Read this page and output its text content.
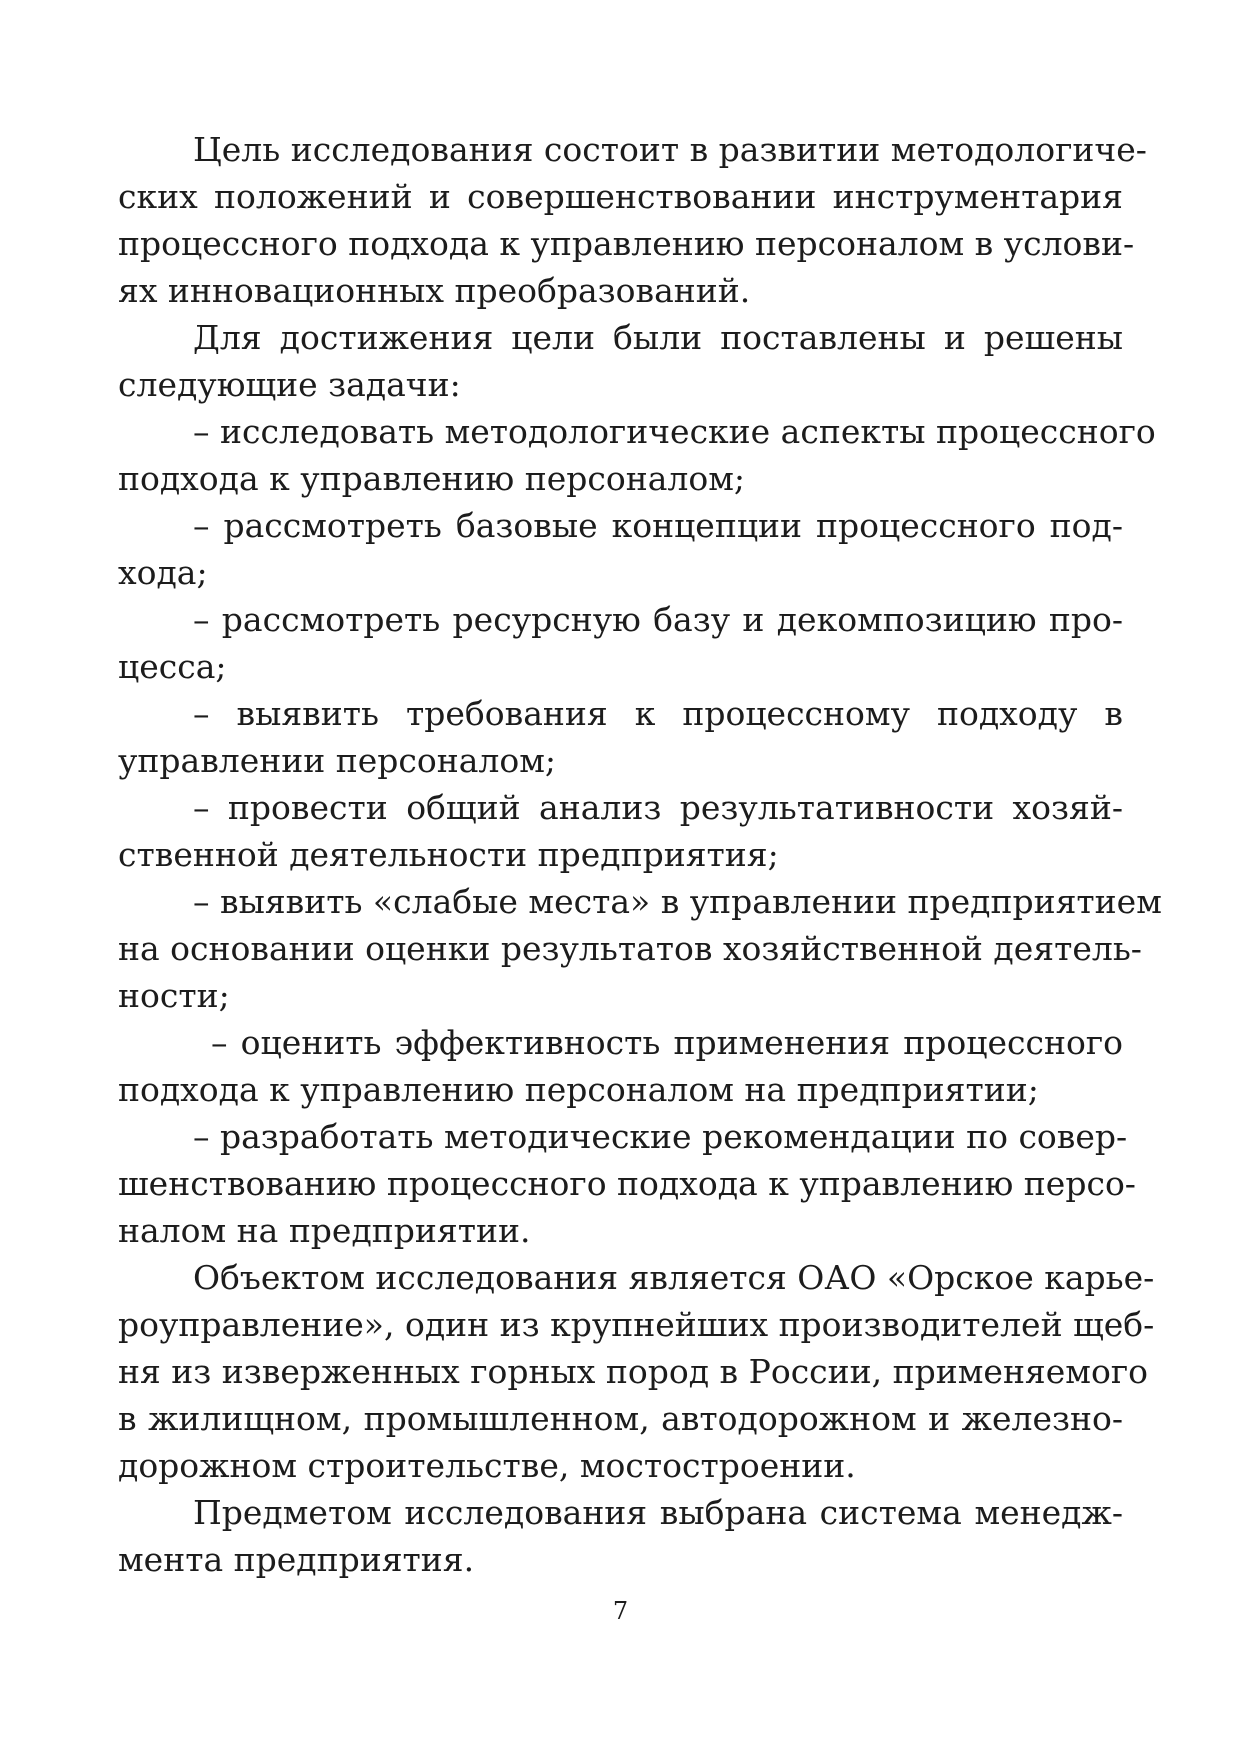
Цель исследования состоит в развитии методологиче-
ских положений и совершенствовании инструментария
процессного подхода к управлению персоналом в услови-
ях инновационных преобразований.
Для достижения цели были поставлены и решены
следующие задачи:
– исследовать методологические аспекты процессного
подхода к управлению персоналом;
– рассмотреть базовые концепции процессного под-
хода;
– рассмотреть ресурсную базу и декомпозицию про-
цесса;
– выявить требования к процессному подходу в
управлении персоналом;
– провести общий анализ результативности хозяй-
ственной деятельности предприятия;
– выявить «слабые места» в управлении предприятием
на основании оценки результатов хозяйственной деятель-
ности;
– оценить эффективность применения процессного
подхода к управлению персоналом на предприятии;
– разработать методические рекомендации по совер-
шенствованию процессного подхода к управлению персо-
налом на предприятии.
Объектом исследования является ОАО «Орское карье-
роуправление», один из крупнейших производителей щеб-
ня из изверженных горных пород в России, применяемого
в жилищном, промышленном, автодорожном и железно-
дорожном строительстве, мостостроении.
Предметом исследования выбрана система менедж-
мента предприятия.
7
